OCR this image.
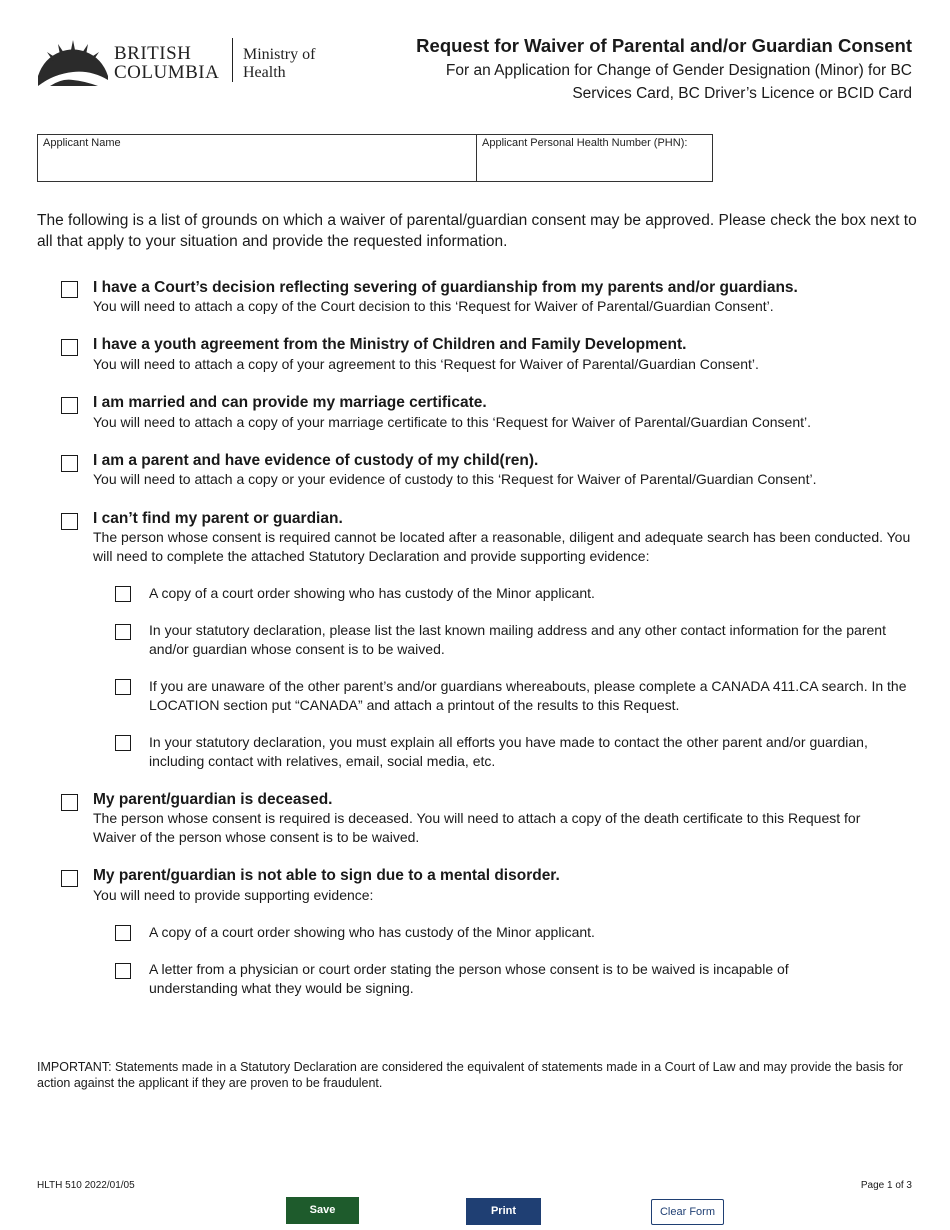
BRITISH
COLUMBIA
Ministry of
Health
Request for Waiver of Parental and/or Guardian Consent
For an Application for Change of Gender Designation (Minor) for BC Services Card, BC Driver’s Licence or BCID Card
Applicant Name	Applicant Personal Health Number (PHN):
The following is a list of grounds on which a waiver of parental/guardian consent may be approved. Please check the box next to all that apply to your situation and provide the requested information.
I have a Court’s decision reflecting severing of guardianship from my parents and/or guardians.
You will need to attach a copy of the Court decision to this ‘Request for Waiver of Parental/Guardian Consent’.
I have a youth agreement from the Ministry of Children and Family Development.
You will need to attach a copy of your agreement to this ‘Request for Waiver of Parental/Guardian Consent’.
I am married and can provide my marriage certificate.
You will need to attach a copy of your marriage certificate to this ‘Request for Waiver of Parental/Guardian Consent’.
I am a parent and have evidence of custody of my child(ren).
You will need to attach a copy or your evidence of custody to this ‘Request for Waiver of Parental/Guardian Consent’.
I can’t find my parent or guardian.
The person whose consent is required cannot be located after a reasonable, diligent and adequate search has been conducted. You will need to complete the attached Statutory Declaration and provide supporting evidence:
A copy of a court order showing who has custody of the Minor applicant.
In your statutory declaration, please list the last known mailing address and any other contact information for the parent and/or guardian whose consent is to be waived.
If you are unaware of the other parent’s and/or guardians whereabouts, please complete a CANADA 411.CA search. In the LOCATION section put “CANADA” and attach a printout of the results to this Request.
In your statutory declaration, you must explain all efforts you have made to contact the other parent and/or guardian, including contact with relatives, email, social media, etc.
My parent/guardian is deceased.
The person whose consent is required is deceased. You will need to attach a copy of the death certificate to this Request for Waiver of the person whose consent is to be waived.
My parent/guardian is not able to sign due to a mental disorder.
You will need to provide supporting evidence:
A copy of a court order showing who has custody of the Minor applicant.
A letter from a physician or court order stating the person whose consent is to be waived is incapable of understanding what they would be signing.
IMPORTANT: Statements made in a Statutory Declaration are considered the equivalent of statements made in a Court of Law and may provide the basis for action against the applicant if they are proven to be fraudulent.
HLTH 510 2022/01/05	Page 1 of 3
Save	Print	Clear Form
